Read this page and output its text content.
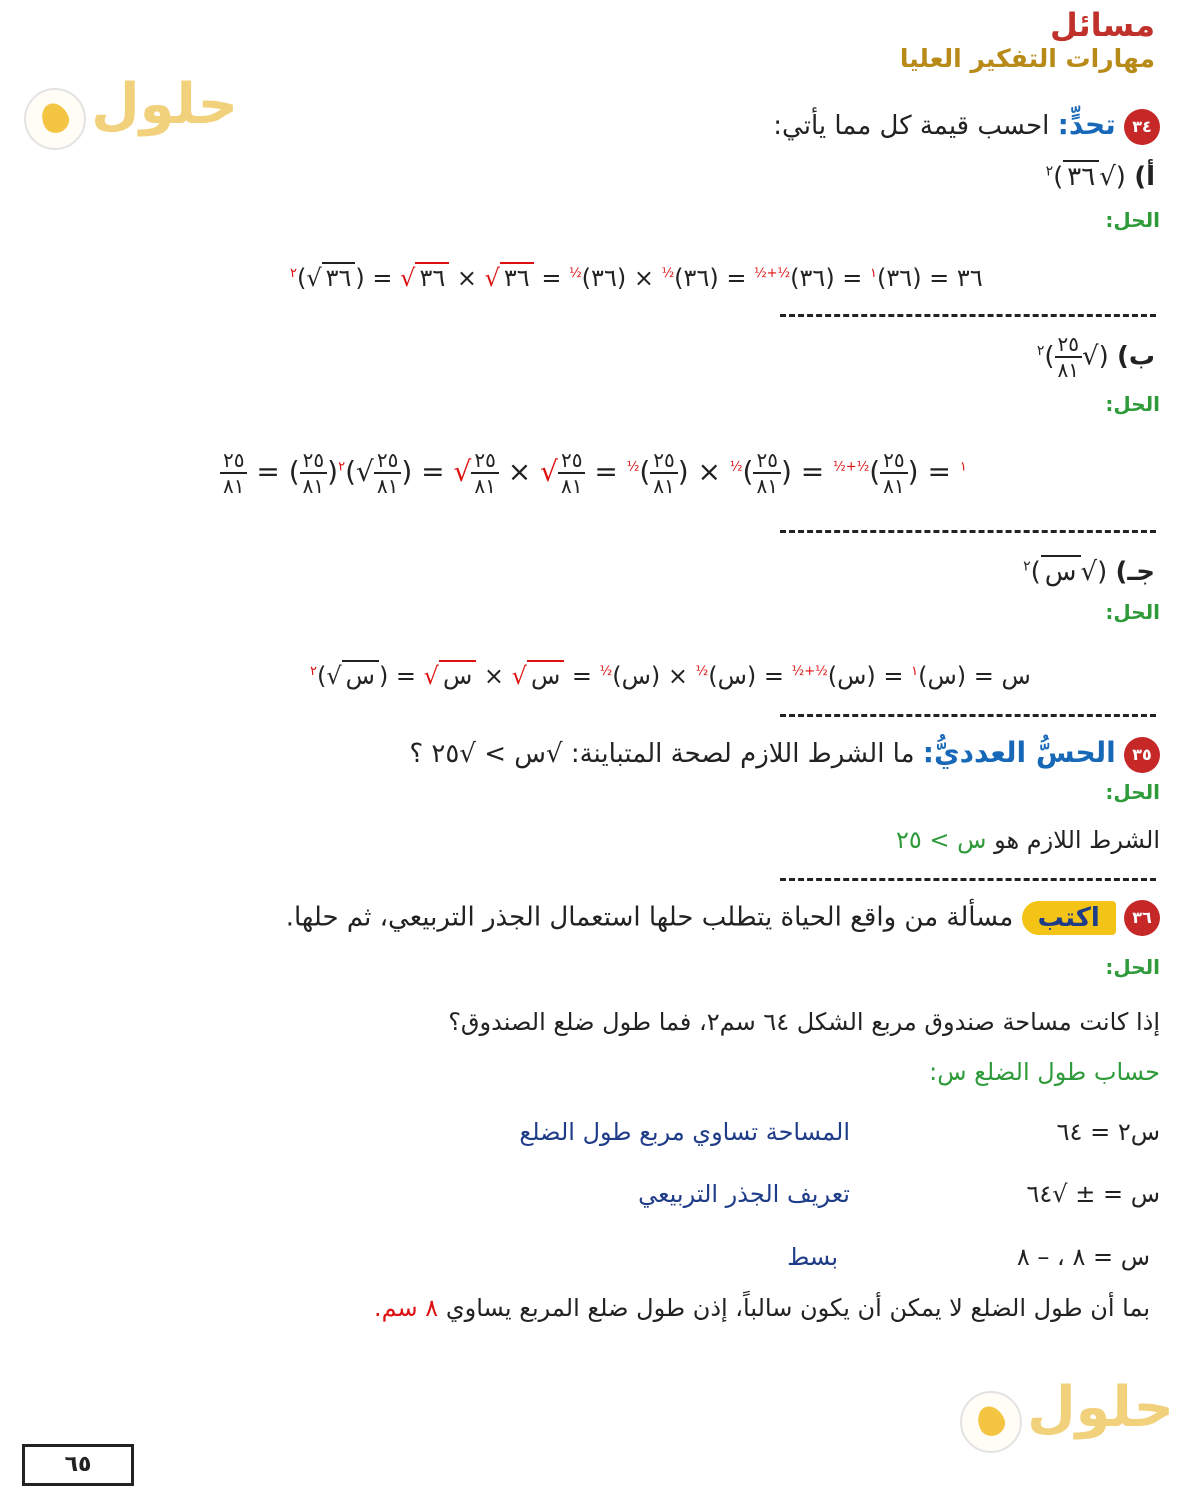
مسائل
مهارات التفكير العليا
حلول	٣٤ تحدٍّ: احسب قيمة كل مما يأتي:
أ) (√٣٦)$^٢$
الحل:
٣٦ = (٣٦)$^١$ = (٣٦)$^{\frac{1}{2}+\frac{1}{2}}$ = (٣٦)$^{\frac{1}{2}}$ × (٣٦)$^{\frac{1}{2}}$ = ٣٦√ × ٣٦√ = (٣٦√)$^٢$
ب) (√
$\frac{٢٥}{٨١}$
)$^٢$
الحل:
$\frac{٢٥}{٨١}$ = ( $\frac{٢٥}{٨١}$ )	$^١$ = (
$\frac{٢٥}{٨١}$
)$^{\frac{1}{2}+\frac{1}{2}}$ = (
$\frac{٢٥}{٨١}$
)$^{\frac{1}{2}}$ × (
$\frac{٢٥}{٨١}$
)$^{\frac{1}{2}}$ =
$\frac{٢٥}{٨١}$
√ ×
$\frac{٢٥}{٨١}$
√ = (
$\frac{٢٥}{٨١}$
√)$^٢$
جـ) (√س)$^٢$
الحل:
س = (س)$^١$ = (س)$^{\frac{1}{2}+\frac{1}{2}}$ = (س)$^{\frac{1}{2}}$ × (س)$^{\frac{1}{2}}$ = س√ × س√ = (س√)$^٢$
٣٥ الحسُّ العدديُّ: ما الشرط اللازم لصحة المتباينة: √س > √٢٥ ؟
الحل:
الشرط اللازم هو س > ٢٥
٣٦ اكتب مسألة من واقع الحياة يتطلب حلها استعمال الجذر التربيعي، ثم حلها.
الحل:
إذا كانت مساحة صندوق مربع الشكل ٦٤ سم٢، فما طول ضلع الصندوق؟
حساب طول الضلع س:
س٢ = ٦٤
المساحة تساوي مربع طول الضلع
س = ± √٦٤
تعريف الجذر التربيعي
س = ٨ ، – ٨
بسط
بما أن طول الضلع لا يمكن أن يكون سالباً، إذن طول ضلع المربع يساوي ٨ سم.
حلول
٦٥
